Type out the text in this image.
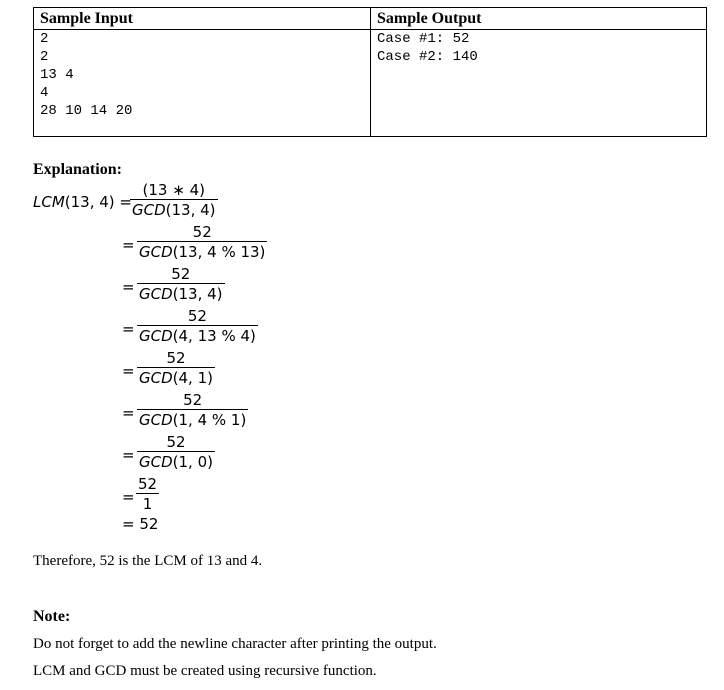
Sample Input
2
2
13 4
4
28 10 14 20
Sample Output
Case #1: 52
Case #2: 140
Explanation:
LCM(13, 4) =
(13 ∗ 4)
GCD(13, 4)
=
52
GCD(13, 4 % 13)
=
52
GCD(13, 4)
=
52
GCD(4, 13 % 4)
=
52
GCD(4, 1)
=
52
GCD(1, 4 % 1)
=
52
GCD(1, 0)
=
52
1
= 52
Therefore, 52 is the LCM of 13 and 4.
Note:
Do not forget to add the newline character after printing the output.
LCM and GCD must be created using recursive function.
